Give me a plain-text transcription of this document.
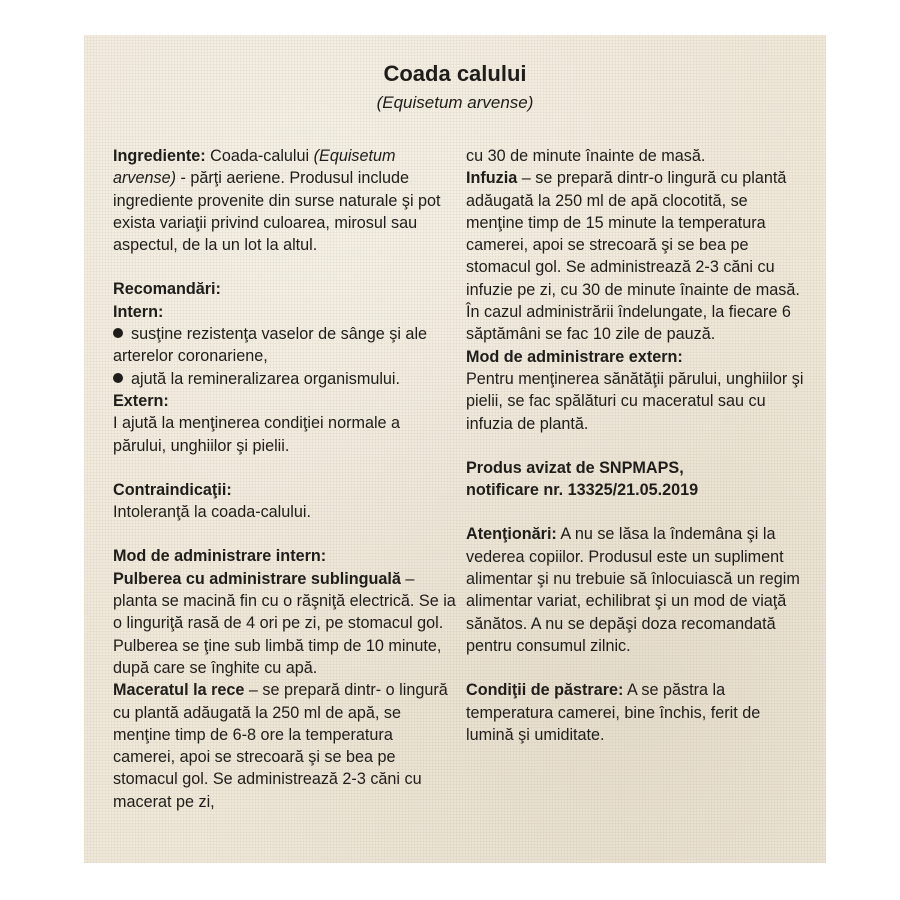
Coada calului
(Equisetum arvense)

Ingrediente: Coada-calului (Equisetum arvense) - părţi aeriene. Produsul include ingrediente provenite din surse naturale şi pot exista variaţii privind culoarea, mirosul sau aspectul, de la un lot la altul.

Recomandări:
Intern:
susţine rezistenţa vaselor de sânge şi ale arterelor coronariene,
ajută la remineralizarea organismului.
Extern:
I ajută la menţinerea condiţiei normale a părului, unghiilor şi pielii.
Contraindicaţii:
Intoleranţă la coada-calului.
Mod de administrare intern:

Pulberea cu administrare sublinguală – planta se macină fin cu o răşniţă electrică. Se ia o linguriţă rasă de 4 ori pe zi, pe stomacul gol. Pulberea se ţine sub limbă timp de 10 minute, după care se înghite cu apă.

Maceratul la rece – se prepară dintr- o lingură cu plantă adăugată la 250 ml de apă, se menţine timp de 6-8 ore la temperatura camerei, apoi se strecoară şi se bea pe stomacul gol. Se administrează 2-3 căni cu macerat pe zi,

cu 30 de minute înainte de masă.

Infuzia – se prepară dintr-o lingură cu plantă adăugată la 250 ml de apă clocotită, se menţine timp de 15 minute la temperatura camerei, apoi se strecoară şi se bea pe stomacul gol. Se administrează 2-3 căni cu infuzie pe zi, cu 30 de minute înainte de masă.

În cazul administrării îndelungate, la fiecare 6 săptămâni se fac 10 zile de pauză.

Mod de administrare extern:

Pentru menţinerea sănătăţii părului, unghiilor şi pielii, se fac spălături cu maceratul sau cu infuzia de plantă.

Produs avizat de SNPMAPS,
notificare nr. 13325/21.05.2019

Atenţionări: A nu se lăsa la îndemâna şi la vederea copiilor. Produsul este un supliment alimentar şi nu trebuie să înlocuiască un regim alimentar variat, echilibrat şi un mod de viaţă sănătos. A nu se depăşi doza recomandată pentru consumul zilnic.

Condiţii de păstrare: A se păstra la temperatura camerei, bine închis, ferit de lumină şi umiditate.
